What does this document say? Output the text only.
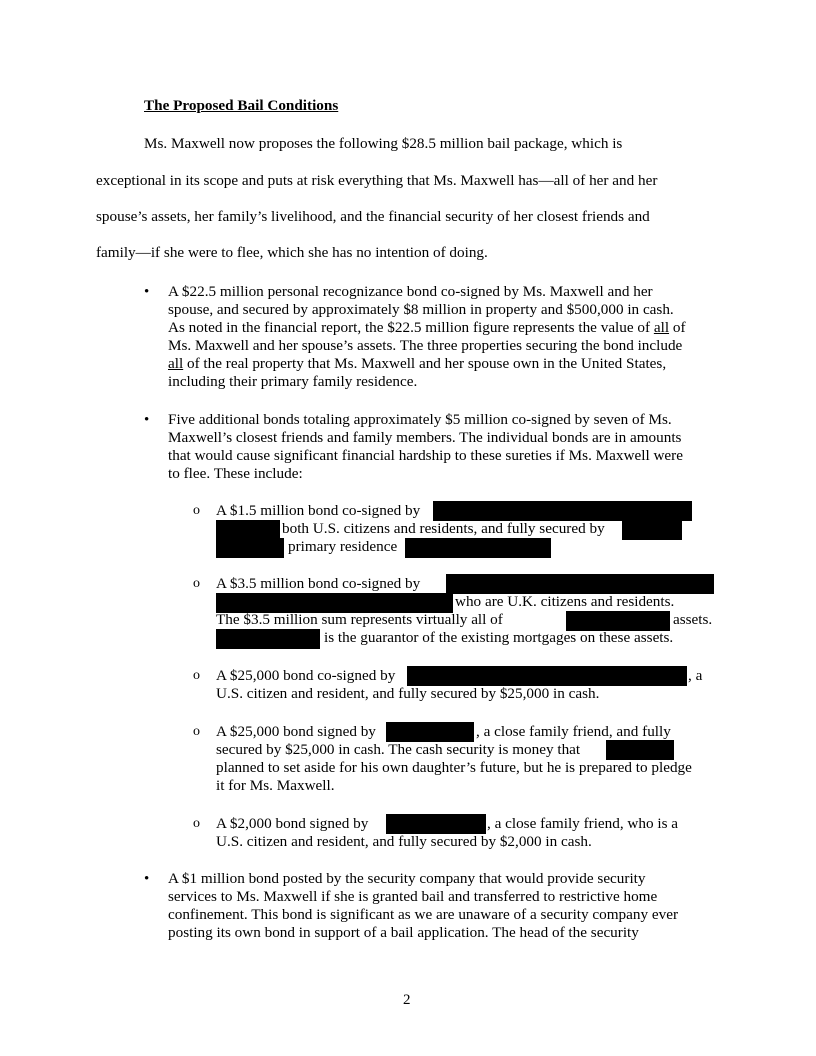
The Proposed Bail Conditions
Ms. Maxwell now proposes the following $28.5 million bail package, which is
exceptional in its scope and puts at risk everything that Ms. Maxwell has—all of her and her
spouse’s assets, her family’s livelihood, and the financial security of her closest friends and
family—if she were to flee, which she has no intention of doing.
• A $22.5 million personal recognizance bond co-signed by Ms. Maxwell and her
spouse, and secured by approximately $8 million in property and $500,000 in cash.
As noted in the financial report, the $22.5 million figure represents the value of all of
Ms. Maxwell and her spouse’s assets. The three properties securing the bond include
all of the real property that Ms. Maxwell and her spouse own in the United States,
including their primary family residence.
• Five additional bonds totaling approximately $5 million co-signed by seven of Ms.
Maxwell’s closest friends and family members. The individual bonds are in amounts
that would cause significant financial hardship to these sureties if Ms. Maxwell were
to flee. These include:
o A $1.5 million bond co-signed by
both U.S. citizens and residents, and fully secured by
primary residence
o A $3.5 million bond co-signed by
who are U.K. citizens and residents.
The $3.5 million sum represents virtually all of	assets.
is the guarantor of the existing mortgages on these assets.
o A $25,000 bond co-signed by	, a
U.S. citizen and resident, and fully secured by $25,000 in cash.
o A $25,000 bond signed by	, a close family friend, and fully
secured by $25,000 in cash. The cash security is money that
planned to set aside for his own daughter’s future, but he is prepared to pledge
it for Ms. Maxwell.
o A $2,000 bond signed by	, a close family friend, who is a
U.S. citizen and resident, and fully secured by $2,000 in cash.
• A $1 million bond posted by the security company that would provide security
services to Ms. Maxwell if she is granted bail and transferred to restrictive home
confinement. This bond is significant as we are unaware of a security company ever
posting its own bond in support of a bail application. The head of the security
2
